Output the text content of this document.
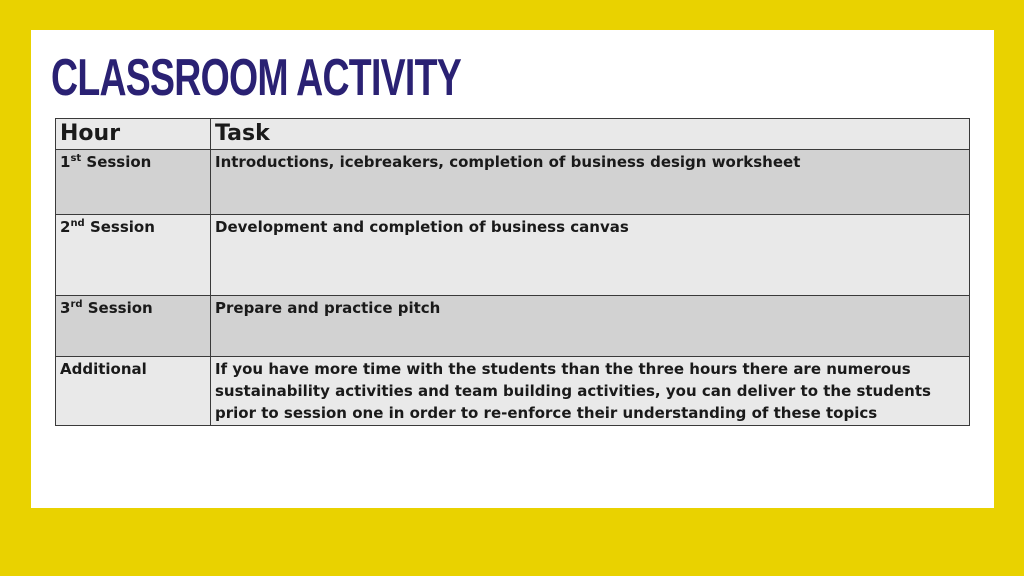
CLASSROOM ACTIVITY
Hour	Task
1st Session	Introductions, icebreakers, completion of business design worksheet
2nd Session	Development and completion of business canvas
3rd Session	Prepare and practice pitch
Additional	If you have more time with the students than the three hours there are numerous sustainability activities and team building activities, you can deliver to the students prior to session one in order to re-enforce their understanding of these topics
